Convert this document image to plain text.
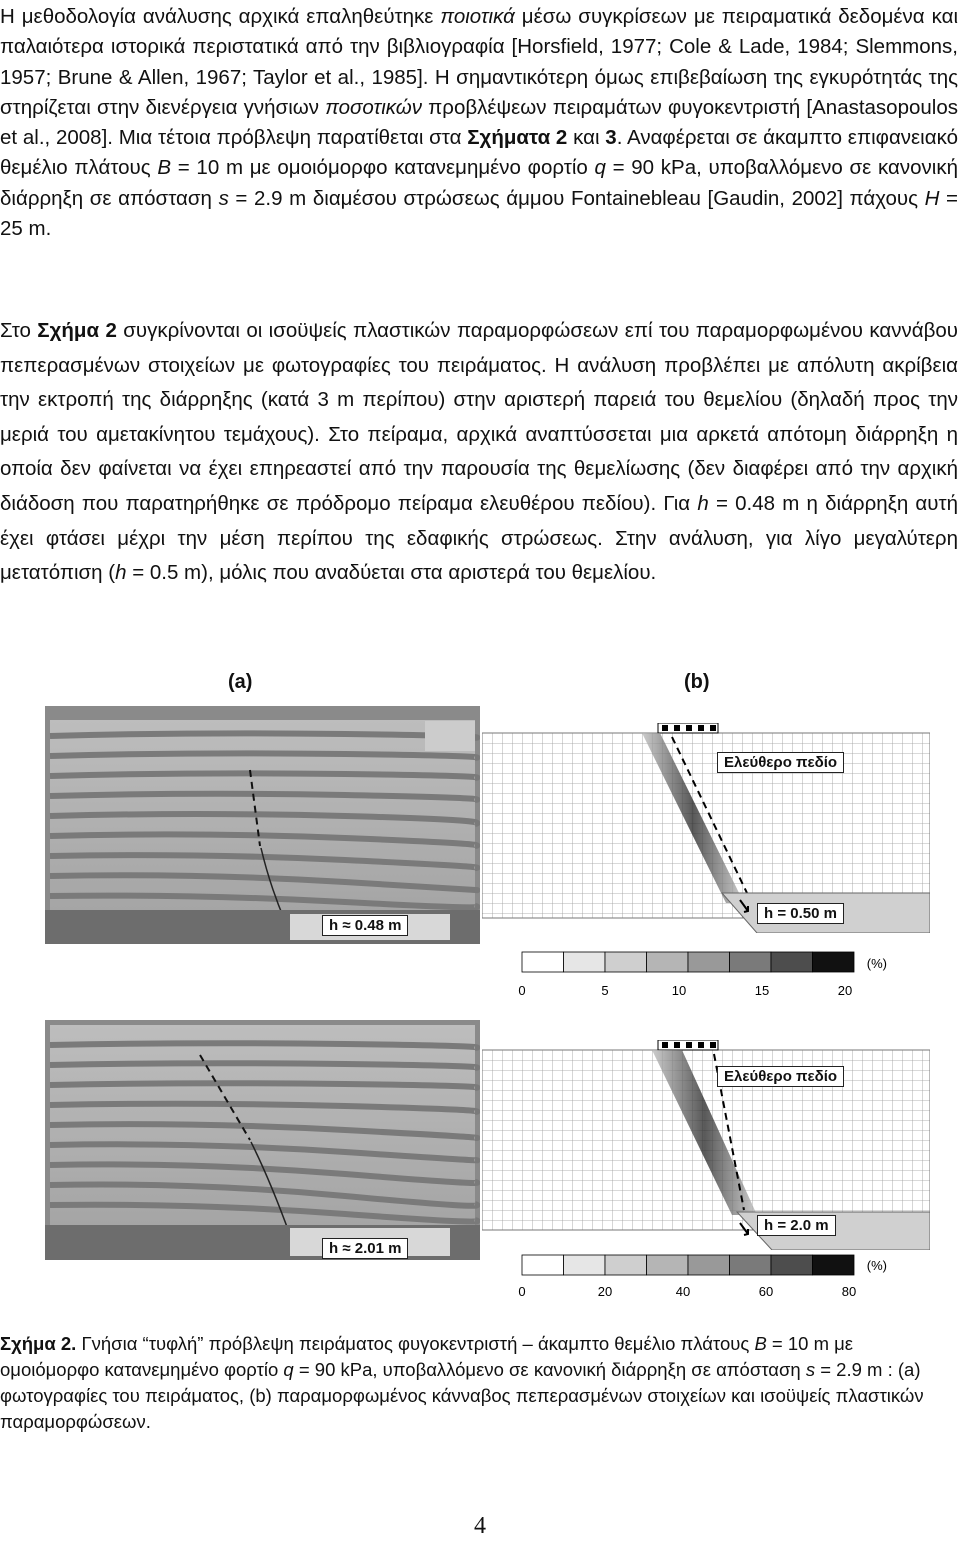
Η μεθοδολογία ανάλυσης αρχικά επαληθεύτηκε ποιοτικά μέσω συγκρίσεων με πειραματικά δεδομένα και παλαιότερα ιστορικά περιστατικά από την βιβλιογραφία [Horsfield, 1977; Cole & Lade, 1984; Slemmons, 1957; Brune & Allen, 1967; Taylor et al., 1985]. Η σημαντικότερη όμως επιβεβαίωση της εγκυρότητάς της στηρίζεται στην διενέργεια γνήσιων ποσοτικών προβλέψεων πειραμάτων φυγοκεντριστή [Anastasopoulos et al., 2008]. Μια τέτοια πρόβλεψη παρατίθεται στα Σχήματα 2 και 3. Αναφέρεται σε άκαμπτο επιφανειακό θεμέλιο πλάτους B = 10 m με ομοιόμορφο κατανεμημένο φορτίο q = 90 kPa, υποβαλλόμενο σε κανονική διάρρηξη σε απόσταση s = 2.9 m διαμέσου στρώσεως άμμου Fontainebleau [Gaudin, 2002] πάχους H = 25 m.
Στο Σχήμα 2 συγκρίνονται οι ισοϋψείς πλαστικών παραμορφώσεων επί του παραμορφωμένου καννάβου πεπερασμένων στοιχείων με φωτογραφίες του πειράματος. Η ανάλυση προβλέπει με απόλυτη ακρίβεια την εκτροπή της διάρρηξης (κατά 3 m περίπου) στην αριστερή παρειά του θεμελίου (δηλαδή προς την μεριά του αμετακίνητου τεμάχους). Στο πείραμα, αρχικά αναπτύσσεται μια αρκετά απότομη διάρρηξη η οποία δεν φαίνεται να έχει επηρεαστεί από την παρουσία της θεμελίωσης (δεν διαφέρει από την αρχική διάδοση που παρατηρήθηκε σε πρόδρομο πείραμα ελευθέρου πεδίου). Για h = 0.48 m η διάρρηξη αυτή έχει φτάσει μέχρι την μέση περίπου της εδαφικής στρώσεως. Στην ανάλυση, για λίγο μεγαλύτερη μετατόπιση (h = 0.5 m), μόλις που αναδύεται στα αριστερά του θεμελίου.
(a)	(b)
h ≈ 0.48 m
h ≈ 2.01 m
Ελεύθερο πεδίο
h = 0.50 m
(%)
0	5	10	15	20
Ελεύθερο πεδίο
h = 2.0 m
(%)
0	20	40	60	80
Σχήμα 2. Γνήσια “τυφλή” πρόβλεψη πειράματος φυγοκεντριστή – άκαμπτο θεμέλιο πλάτους B = 10 m με ομοιόμορφο κατανεμημένο φορτίο q = 90 kPa, υποβαλλόμενο σε κανονική διάρρηξη σε απόσταση s = 2.9 m : (a) φωτογραφίες του πειράματος, (b) παραμορφωμένος κάνναβος πεπερασμένων στοιχείων και ισοϋψείς πλαστικών παραμορφώσεων.
4
